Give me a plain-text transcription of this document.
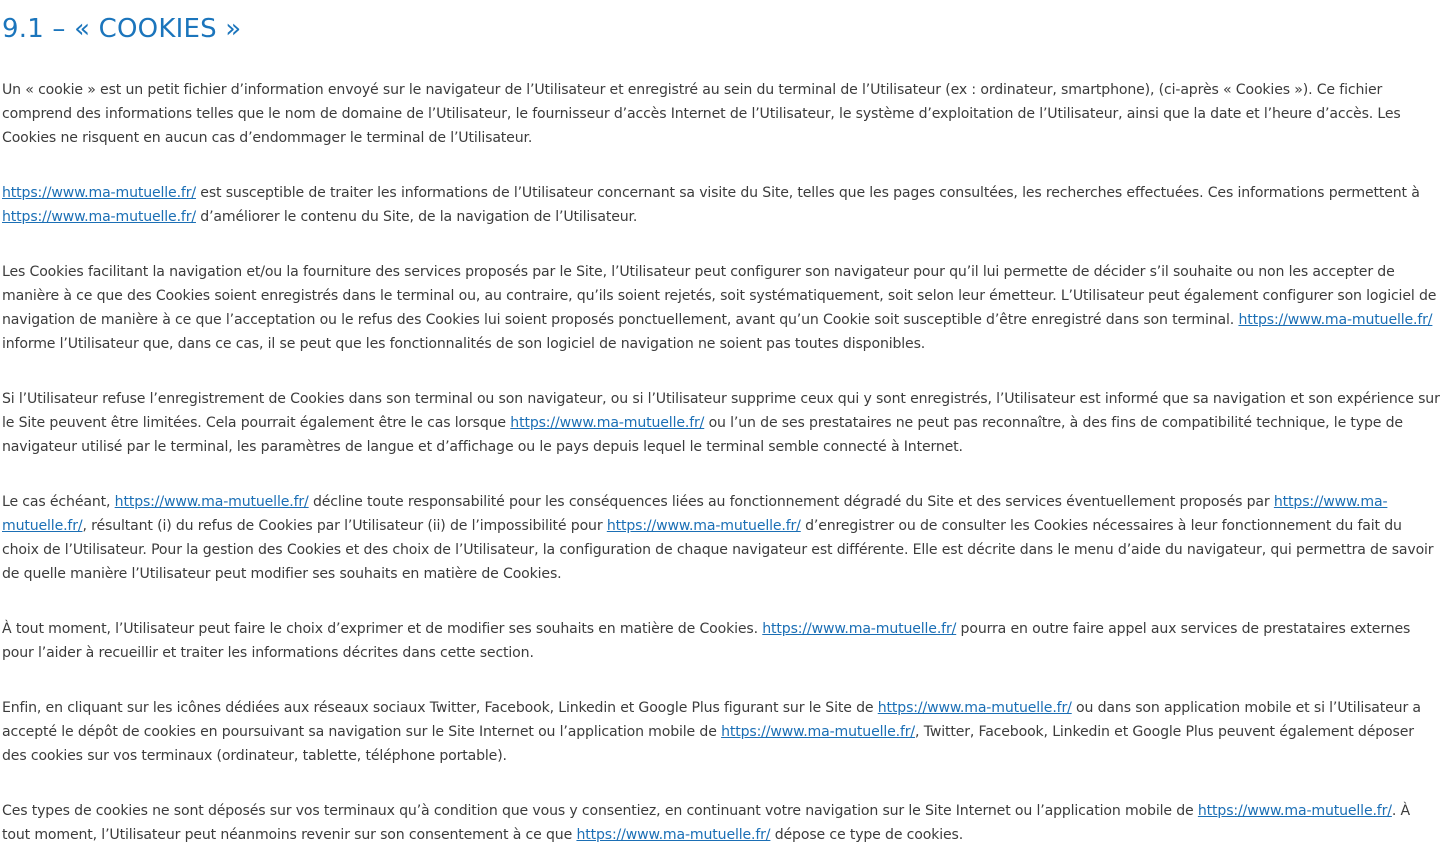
9.1 – « COOKIES »

Un « cookie » est un petit fichier d’information envoyé sur le navigateur de l’Utilisateur et enregistré au sein du terminal de l’Utilisateur (ex : ordinateur, smartphone), (ci-après « Cookies »). Ce fichier comprend des informations telles que le nom de domaine de l’Utilisateur, le fournisseur d’accès Internet de l’Utilisateur, le système d’exploitation de l’Utilisateur, ainsi que la date et l’heure d’accès. Les Cookies ne risquent en aucun cas d’endommager le terminal de l’Utilisateur.

https://www.ma-mutuelle.fr/ est susceptible de traiter les informations de l’Utilisateur concernant sa visite du Site, telles que les pages consultées, les recherches effectuées. Ces informations permettent à https://www.ma-mutuelle.fr/ d’améliorer le contenu du Site, de la navigation de l’Utilisateur.

Les Cookies facilitant la navigation et/ou la fourniture des services proposés par le Site, l’Utilisateur peut configurer son navigateur pour qu’il lui permette de décider s’il souhaite ou non les accepter de manière à ce que des Cookies soient enregistrés dans le terminal ou, au contraire, qu’ils soient rejetés, soit systématiquement, soit selon leur émetteur. L’Utilisateur peut également configurer son logiciel de navigation de manière à ce que l’acceptation ou le refus des Cookies lui soient proposés ponctuellement, avant qu’un Cookie soit susceptible d’être enregistré dans son terminal. https://www.ma-mutuelle.fr/ informe l’Utilisateur que, dans ce cas, il se peut que les fonctionnalités de son logiciel de navigation ne soient pas toutes disponibles.

Si l’Utilisateur refuse l’enregistrement de Cookies dans son terminal ou son navigateur, ou si l’Utilisateur supprime ceux qui y sont enregistrés, l’Utilisateur est informé que sa navigation et son expérience sur le Site peuvent être limitées. Cela pourrait également être le cas lorsque https://www.ma-mutuelle.fr/ ou l’un de ses prestataires ne peut pas reconnaître, à des fins de compatibilité technique, le type de navigateur utilisé par le terminal, les paramètres de langue et d’affichage ou le pays depuis lequel le terminal semble connecté à Internet.

Le cas échéant, https://www.ma-mutuelle.fr/ décline toute responsabilité pour les conséquences liées au fonctionnement dégradé du Site et des services éventuellement proposés par https://www.ma-mutuelle.fr/, résultant (i) du refus de Cookies par l’Utilisateur (ii) de l’impossibilité pour https://www.ma-mutuelle.fr/ d’enregistrer ou de consulter les Cookies nécessaires à leur fonctionnement du fait du choix de l’Utilisateur. Pour la gestion des Cookies et des choix de l’Utilisateur, la configuration de chaque navigateur est différente. Elle est décrite dans le menu d’aide du navigateur, qui permettra de savoir de quelle manière l’Utilisateur peut modifier ses souhaits en matière de Cookies.

À tout moment, l’Utilisateur peut faire le choix d’exprimer et de modifier ses souhaits en matière de Cookies. https://www.ma-mutuelle.fr/ pourra en outre faire appel aux services de prestataires externes pour l’aider à recueillir et traiter les informations décrites dans cette section.

Enfin, en cliquant sur les icônes dédiées aux réseaux sociaux Twitter, Facebook, Linkedin et Google Plus figurant sur le Site de https://www.ma-mutuelle.fr/ ou dans son application mobile et si l’Utilisateur a accepté le dépôt de cookies en poursuivant sa navigation sur le Site Internet ou l’application mobile de https://www.ma-mutuelle.fr/, Twitter, Facebook, Linkedin et Google Plus peuvent également déposer des cookies sur vos terminaux (ordinateur, tablette, téléphone portable).

Ces types de cookies ne sont déposés sur vos terminaux qu’à condition que vous y consentiez, en continuant votre navigation sur le Site Internet ou l’application mobile de https://www.ma-mutuelle.fr/. À tout moment, l’Utilisateur peut néanmoins revenir sur son consentement à ce que https://www.ma-mutuelle.fr/ dépose ce type de cookies.
